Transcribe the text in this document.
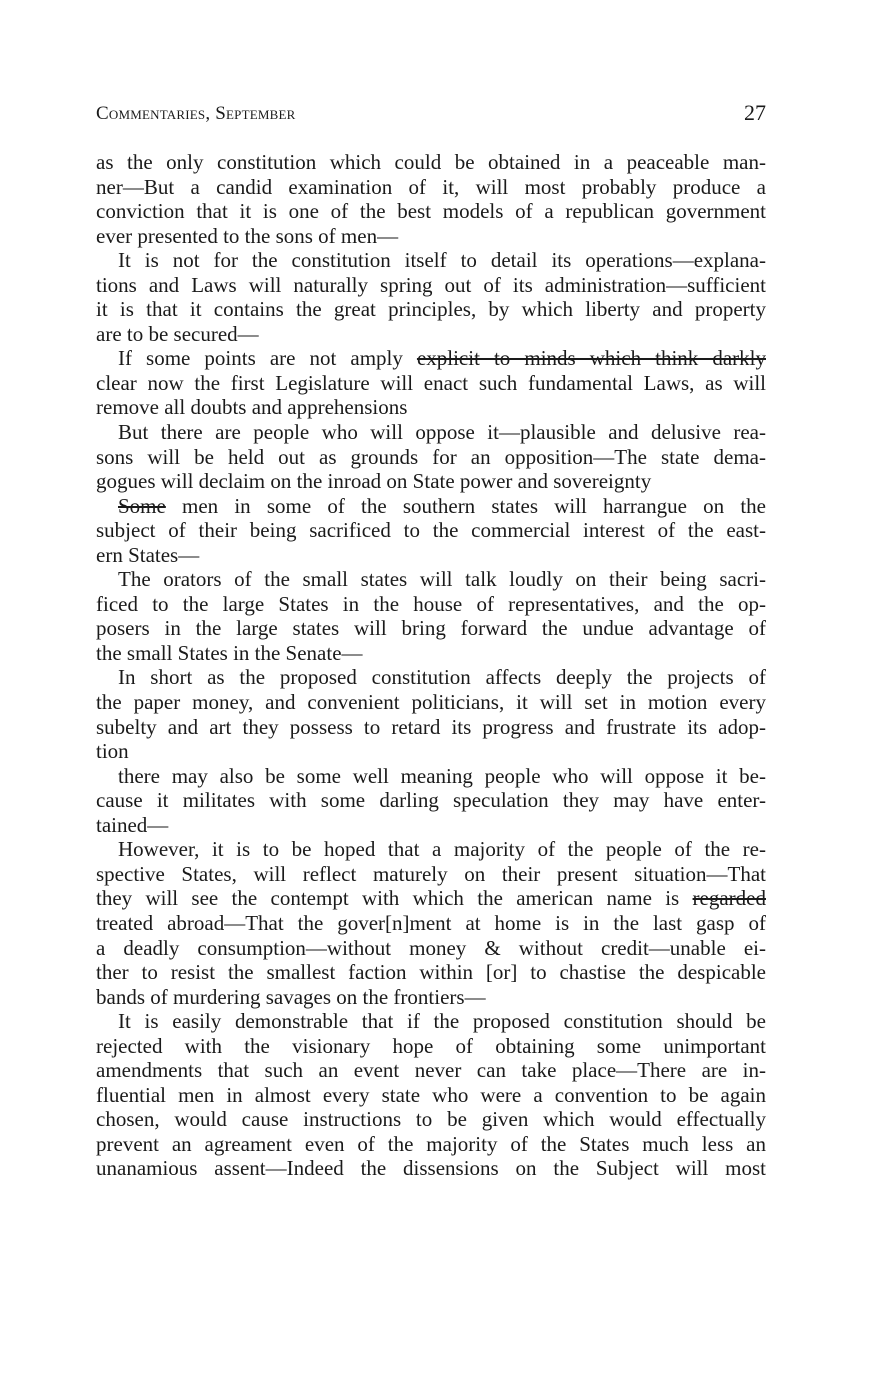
Commentaries, September	27
as the only constitution which could be obtained in a peaceable man-
ner—But a candid examination of it, will most probably produce a
conviction that it is one of the best models of a republican government
ever presented to the sons of men—
It is not for the constitution itself to detail its operations—explana-
tions and Laws will naturally spring out of its administration—sufficient
it is that it contains the great principles, by which liberty and property
are to be secured—
If some points are not amply explicit to minds which think darkly
clear now the first Legislature will enact such fundamental Laws, as will
remove all doubts and apprehensions
But there are people who will oppose it—plausible and delusive rea-
sons will be held out as grounds for an opposition—The state dema-
gogues will declaim on the inroad on State power and sovereignty
Some men in some of the southern states will harrangue on the
subject of their being sacrificed to the commercial interest of the east-
ern States—
The orators of the small states will talk loudly on their being sacri-
ficed to the large States in the house of representatives, and the op-
posers in the large states will bring forward the undue advantage of
the small States in the Senate—
In short as the proposed constitution affects deeply the projects of
the paper money, and convenient politicians, it will set in motion every
subelty and art they possess to retard its progress and frustrate its adop-
tion
there may also be some well meaning people who will oppose it be-
cause it militates with some darling speculation they may have enter-
tained—
However, it is to be hoped that a majority of the people of the re-
spective States, will reflect maturely on their present situation—That
they will see the contempt with which the american name is regarded
treated abroad—That the gover[n]ment at home is in the last gasp of
a deadly consumption—without money & without credit—unable ei-
ther to resist the smallest faction within [or] to chastise the despicable
bands of murdering savages on the frontiers—
It is easily demonstrable that if the proposed constitution should be
rejected with the visionary hope of obtaining some unimportant
amendments that such an event never can take place—There are in-
fluential men in almost every state who were a convention to be again
chosen, would cause instructions to be given which would effectually
prevent an agreament even of the majority of the States much less an
unanamious assent—Indeed the dissensions on the Subject will most
